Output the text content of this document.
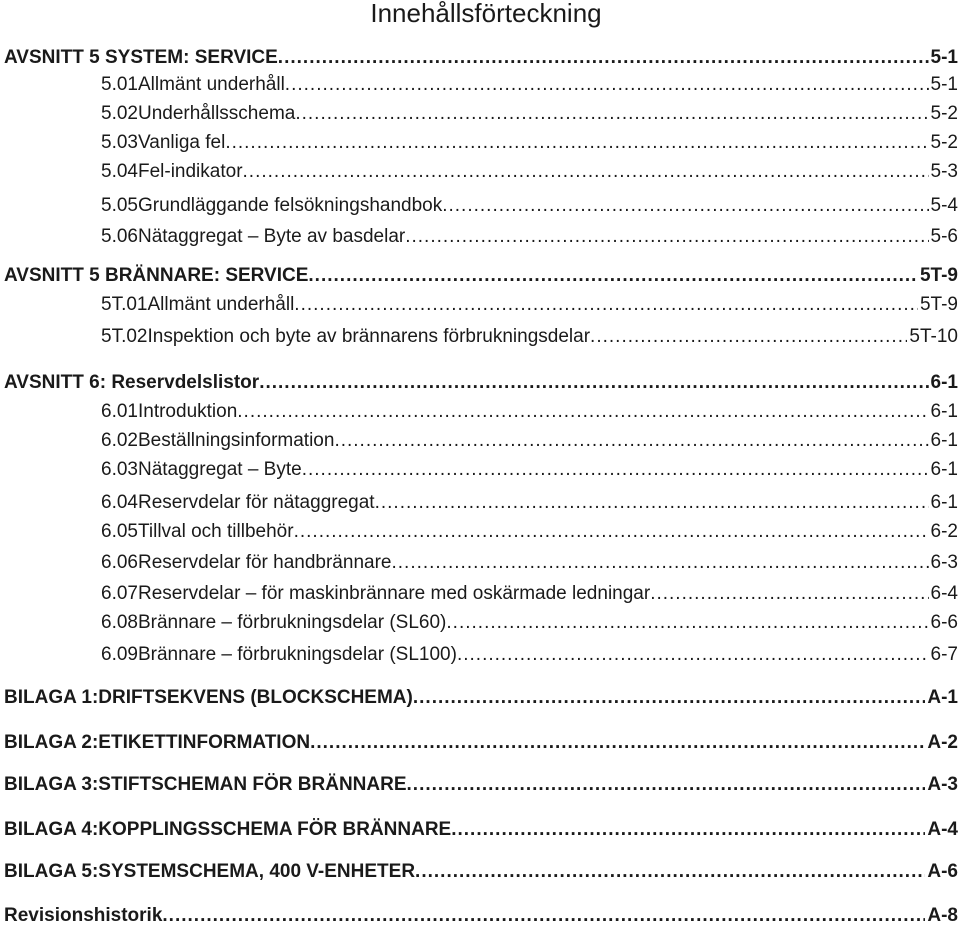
Innehållsförteckning
AVSNITT 5 SYSTEM: SERVICE .....	5-1
5.01 Allmänt underhåll .....	5-1
5.02 Underhållsschema .....	5-2
5.03 Vanliga fel .....	5-2
5.04 Fel-indikator .....	5-3
5.05 Grundläggande felsökningshandbok .....	5-4
5.06 Nätaggregat – Byte av basdelar .....	5-6
AVSNITT 5 BRÄNNARE: SERVICE .....	5T-9
5T.01 Allmänt underhåll .....	5T-9
5T.02 Inspektion och byte av brännarens förbrukningsdelar .....	5T-10
AVSNITT 6: Reservdelslistor .....	6-1
6.01 Introduktion .....	6-1
6.02 Beställningsinformation .....	6-1
6.03 Nätaggregat – Byte .....	6-1
6.04 Reservdelar för nätaggregat .....	6-1
6.05 Tillval och tillbehör .....	6-2
6.06 Reservdelar för handbrännare .....	6-3
6.07 Reservdelar – för maskinbrännare med oskärmade ledningar .....	6-4
6.08 Brännare – förbrukningsdelar (SL60) .....	6-6
6.09 Brännare – förbrukningsdelar (SL100) .....	6-7
BILAGA 1: DRIFTSEKVENS (BLOCKSCHEMA) .....	A-1
BILAGA 2: ETIKETTINFORMATION .....	A-2
BILAGA 3: STIFTSCHEMAN FÖR BRÄNNARE .....	A-3
BILAGA 4: KOPPLINGSSCHEMA FÖR BRÄNNARE .....	A-4
BILAGA 5: SYSTEMSCHEMA, 400 V-ENHETER .....	A-6
Revisionshistorik .....	A-8
